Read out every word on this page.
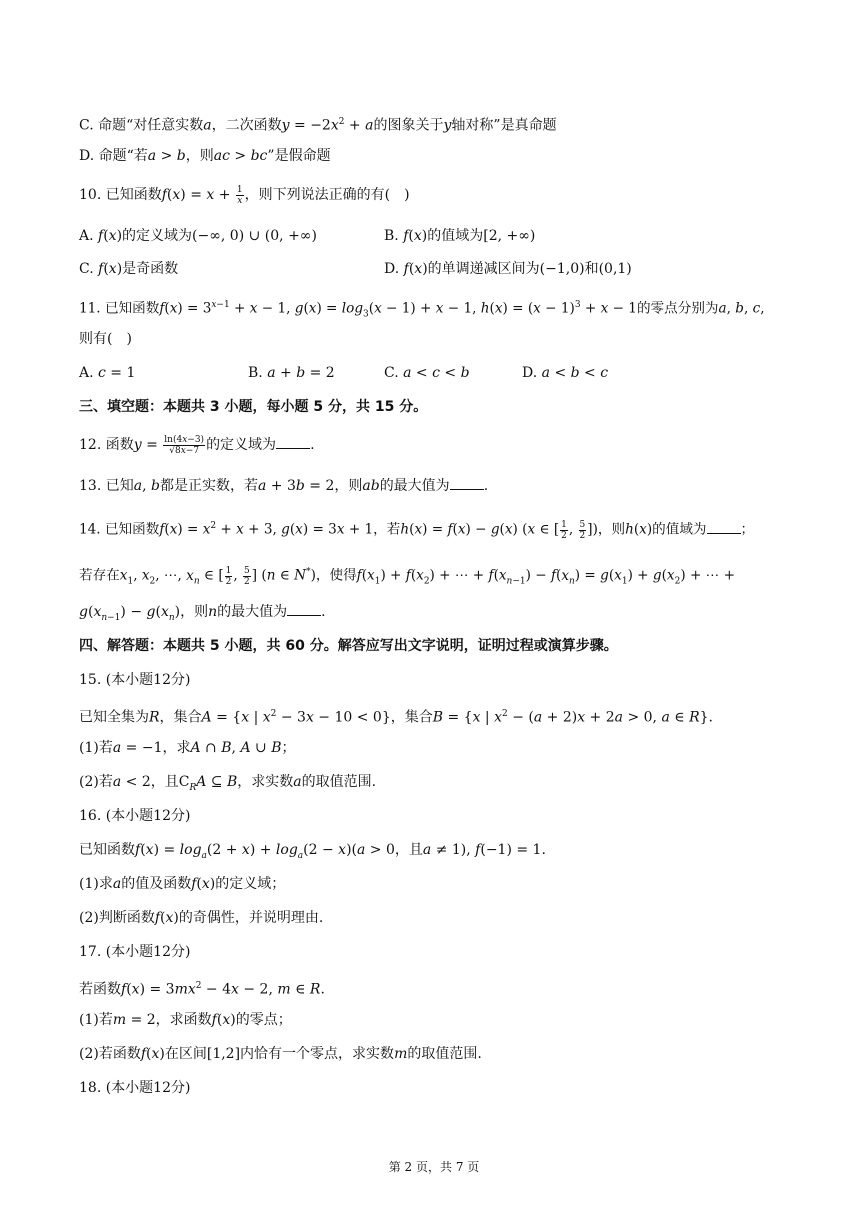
C. 命题“对任意实数a，二次函数$y = -2x^2 + a$的图象关于y轴对称”是真命题
D. 命题“若a > b，则ac > bc”是假命题
10. 已知函数$f(x) = x + \frac{1}{x}$ ，则下列说法正确的有(　)
A. f(x)的定义域为(−∞, 0) ∪ (0, +∞)	B. f(x)的值域为[2, +∞)
C. f(x)是奇函数	D. f(x)的单调递减区间为(−1,0)和(0,1)
11. 已知函数$f(x) = 3^{x-1} + x - 1$, $g(x) = \log_3(x - 1) + x - 1$, $h(x) = (x - 1)^3 + x - 1$的零点分别为a, b, c,
则有(　)
A. c = 1	B. a + b = 2	C. a < c < b	D. a < b < c
三、填空题：本题共 3 小题，每小题 5 分，共 15 分。
12. 函数$y = \frac{\ln(4x-3)}{√8x-7}$ 的定义域为 .
13. 已知a, b都是正实数，若a + 3b = 2，则ab的最大值为 .
14. 已知函数$f(x) = x^2 + x + 3$, g(x) = 3x + 1，若h(x) = f(x) − g(x) (x ∈ [ $\frac{1}{2}$ , $\frac{5}{2}$ ])，则h(x)的值域为	；
若存在$x_1$, $x_2$, ⋯, $x_n$ ∈ [ $\frac{1}{2}$ , $\frac{5}{2}$ ] (n ∈ N*)，使得$f(x_1) + f(x_2)$ + ⋯ + $f(x_{n-1}) - f(x_n) = g(x_1) + g(x_2)$ + ⋯ +
$g(x_{n-1}) - g(x_n)$，则n的最大值为 .
四、解答题：本题共 5 小题，共 60 分。解答应写出文字说明，证明过程或演算步骤。
15. (本小题12分)
已知全集为R，集合A = {x | $x^2 - 3x - 10 < 0$}，集合B = {x | $x^2 - (a + 2)x + 2a > 0$, a ∈ R}.
(1)若a = −1，求A ∩ B, A ∪ B；
(2)若a < 2，且$C_RA$ ⊆ B，求实数a的取值范围.
16. (本小题12分)
已知函数$f(x) = \log_a(2 + x) + \log_a(2 - x)(a > 0$，且a ≠ 1), f(−1) = 1.
(1)求a的值及函数f(x)的定义域；
(2)判断函数f(x)的奇偶性，并说明理由.
17. (本小题12分)
若函数$f(x) = 3mx^2 - 4x - 2$, m ∈ R.
(1)若m = 2，求函数f(x)的零点；
(2)若函数f(x)在区间[1,2]内恰有一个零点，求实数m的取值范围.
18. (本小题12分)
第 2 页，共 7 页
